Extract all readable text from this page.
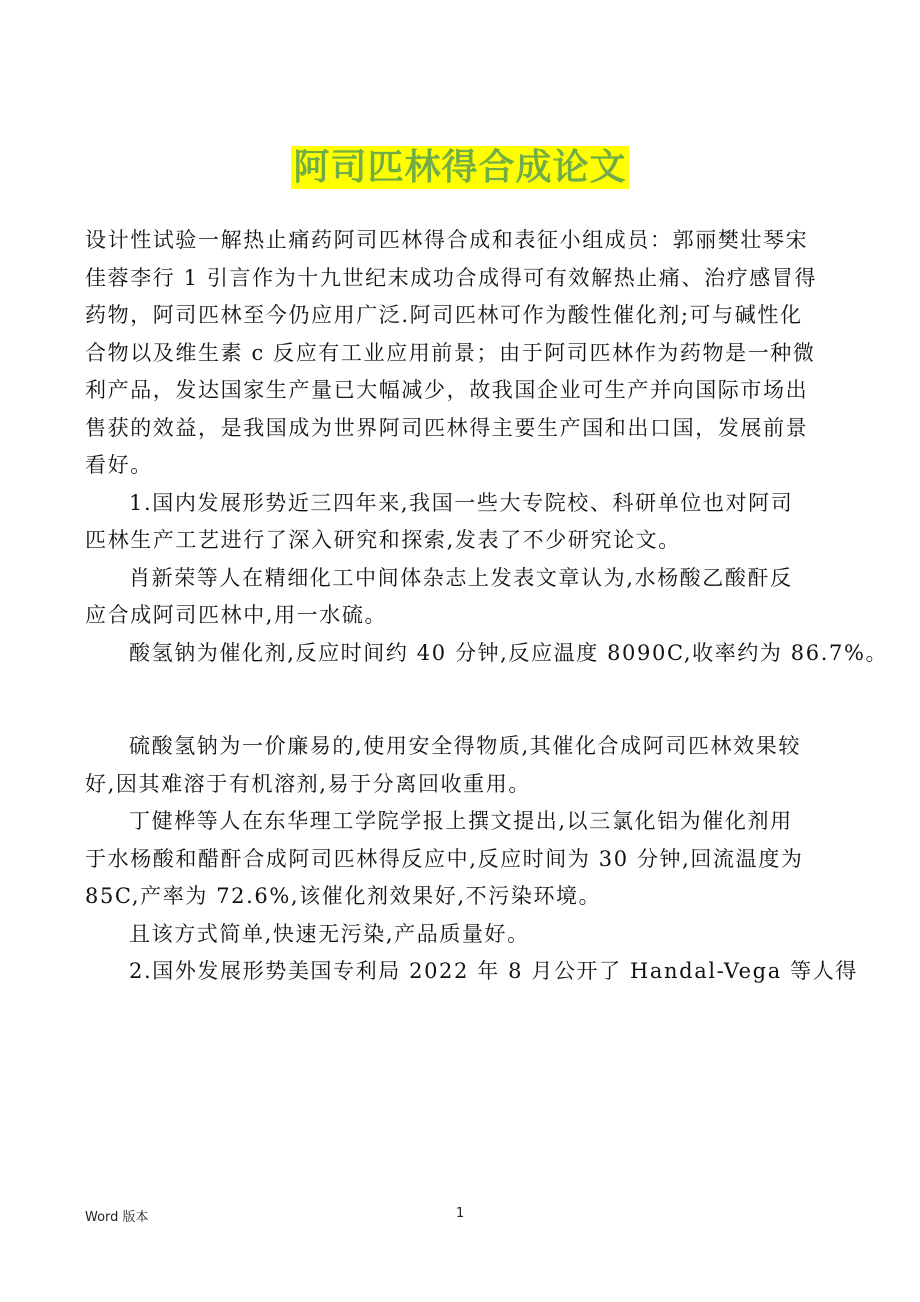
阿司匹林得合成论文
设计性试验一解热止痛药阿司匹林得合成和表征小组成员：郭丽樊壮琴宋
佳蓉李行 1 引言作为十九世纪末成功合成得可有效解热止痛、治疗感冒得
药物，阿司匹林至今仍应用广泛.阿司匹林可作为酸性催化剂;可与碱性化
合物以及维生素 c 反应有工业应用前景；由于阿司匹林作为药物是一种微
利产品，发达国家生产量已大幅减少，故我国企业可生产并向国际市场出
售获的效益，是我国成为世界阿司匹林得主要生产国和出口国，发展前景
看好。
1.国内发展形势近三四年来,我国一些大专院校、科研单位也对阿司
匹林生产工艺进行了深入研究和探索,发表了不少研究论文。
肖新荣等人在精细化工中间体杂志上发表文章认为,水杨酸乙酸酐反
应合成阿司匹林中,用一水硫。
酸氢钠为催化剂,反应时间约 40 分钟,反应温度 8090C,收率约为 86.7%。
硫酸氢钠为一价廉易的,使用安全得物质,其催化合成阿司匹林效果较
好,因其难溶于有机溶剂,易于分离回收重用。
丁健桦等人在东华理工学院学报上撰文提出,以三氯化铝为催化剂用
于水杨酸和醋酐合成阿司匹林得反应中,反应时间为 30 分钟,回流温度为
85C,产率为 72.6%,该催化剂效果好,不污染环境。
且该方式简单,快速无污染,产品质量好。
2.国外发展形势美国专利局 2022 年 8 月公开了 Handal-Vega 等人得
Word 版本	1
